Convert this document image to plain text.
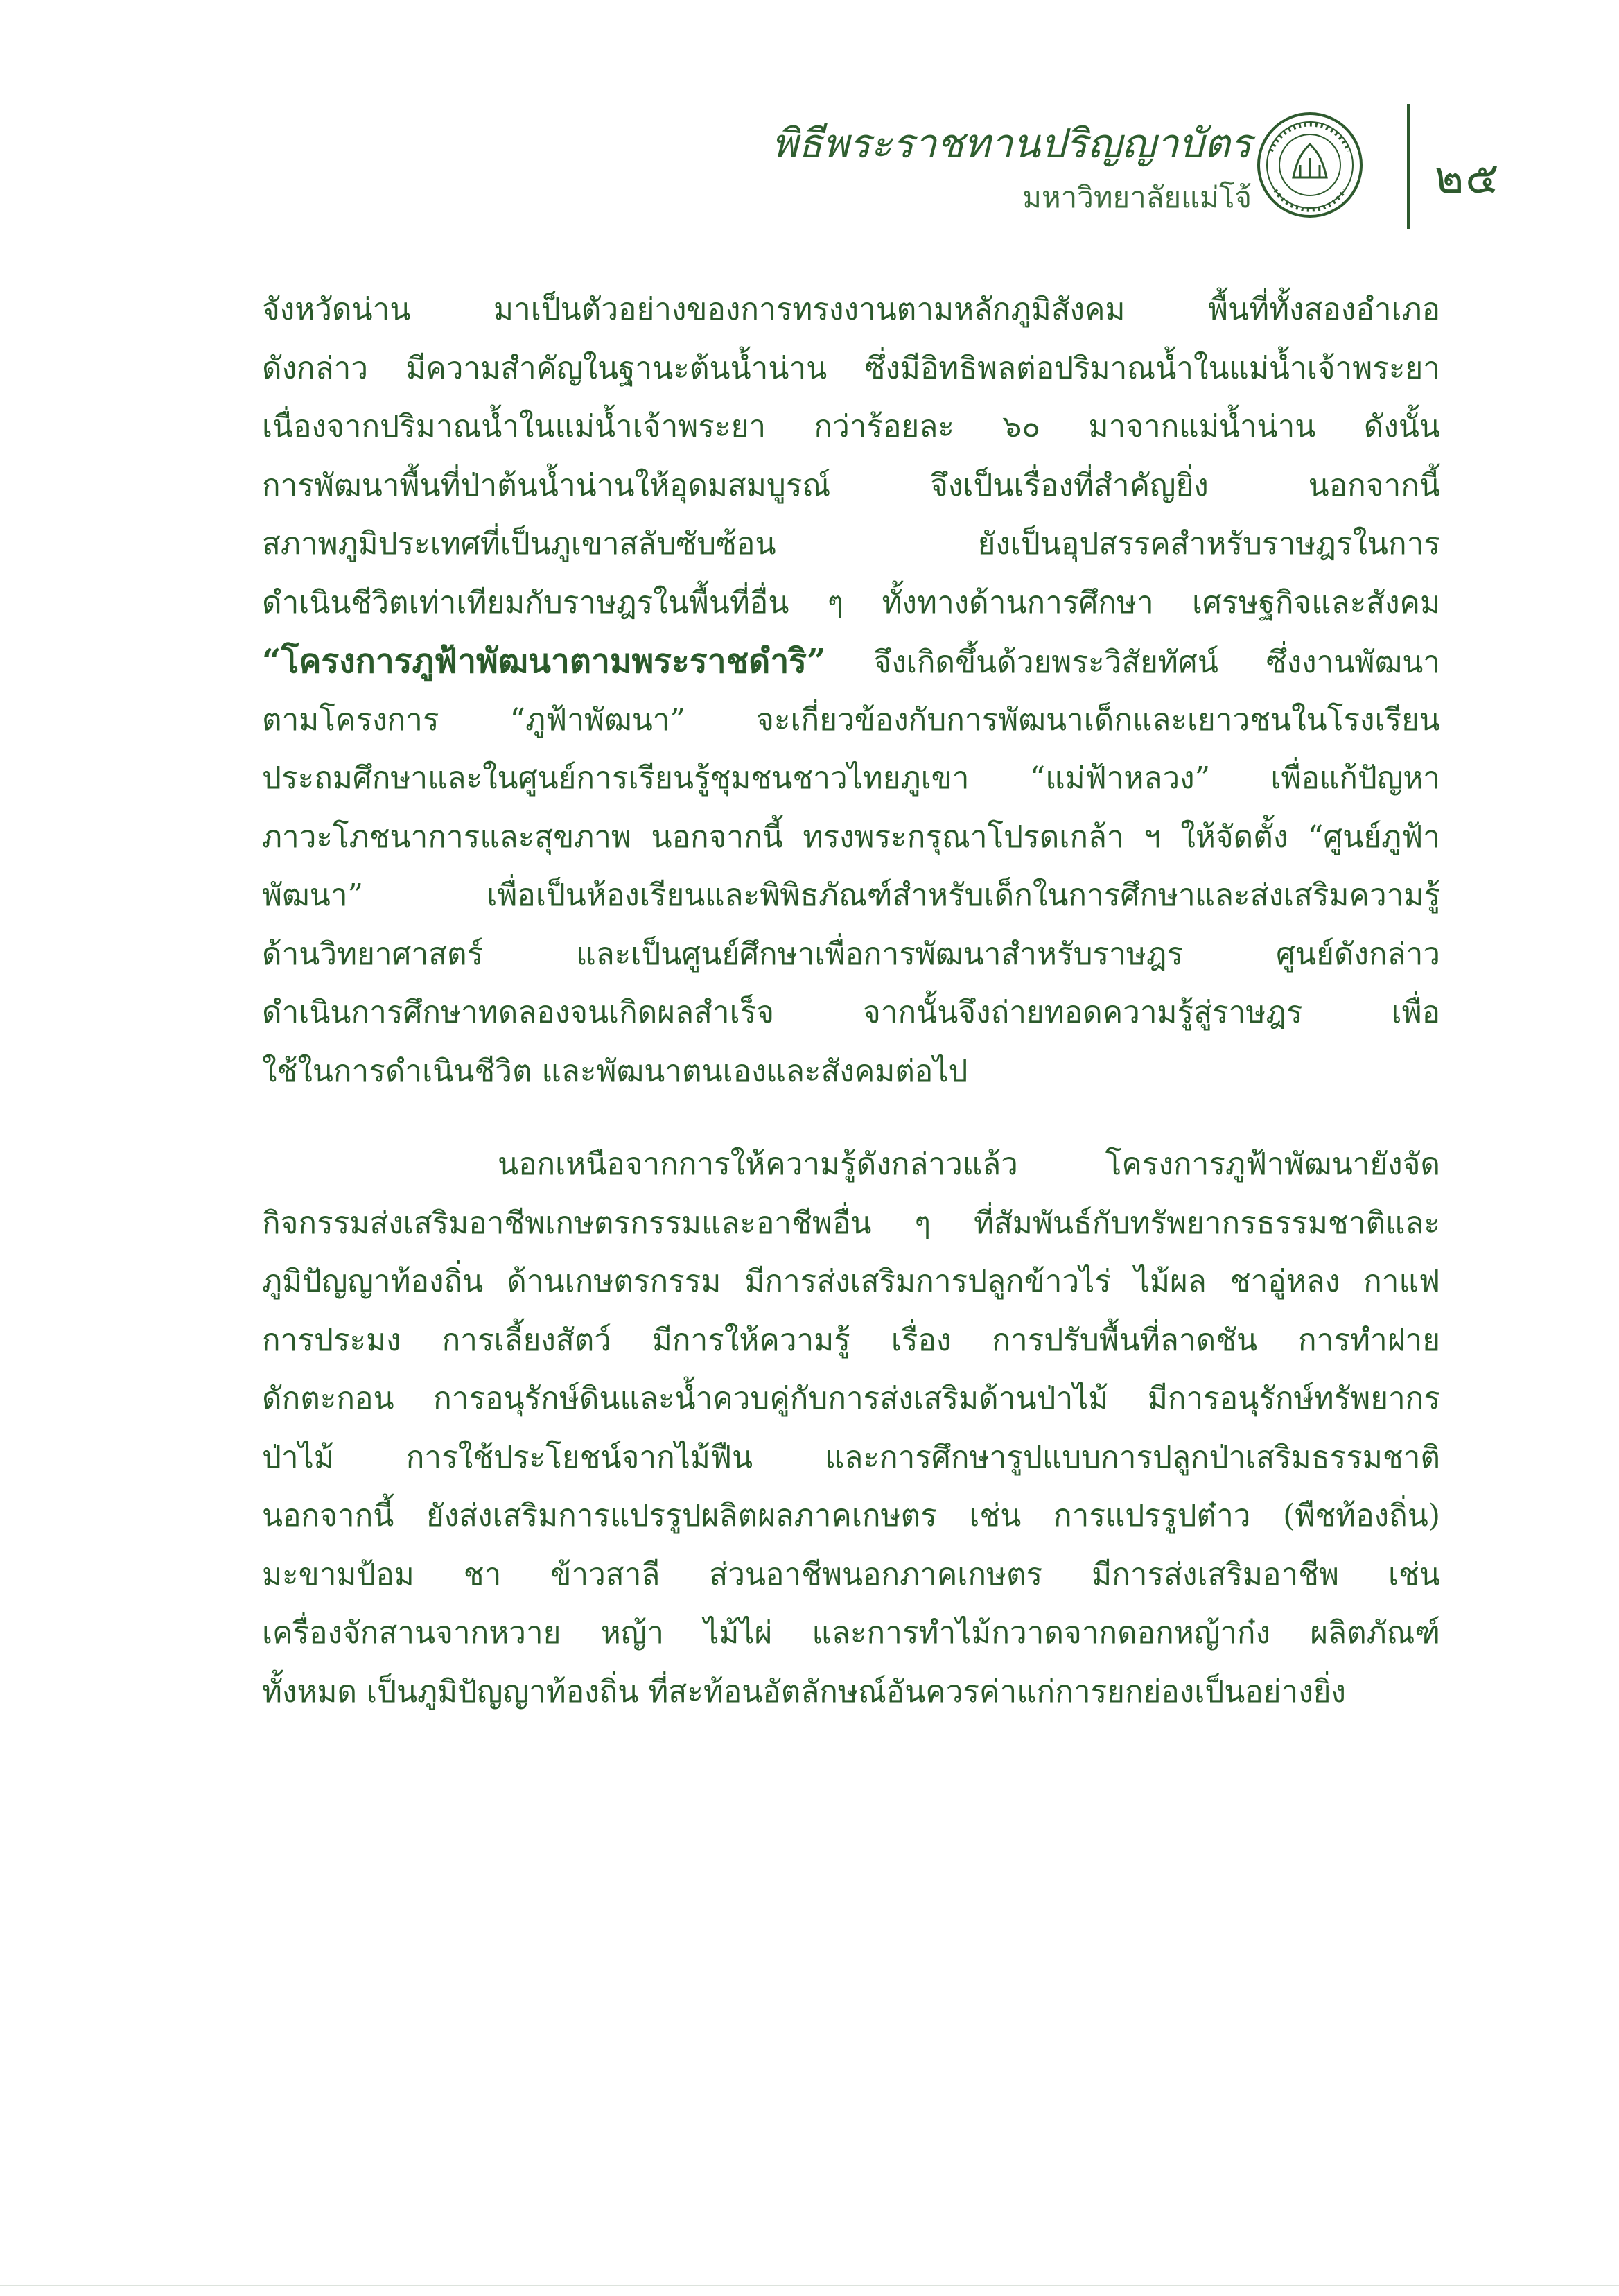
พิธีพระราชทานปริญญาบัตร
มหาวิทยาลัยแม่โจ้	๒๕
จังหวัดน่าน มาเป็นตัวอย่างของการทรงงานตามหลักภูมิสังคม พื้นที่ทั้งสองอำเภอ
ดังกล่าว มีความสำคัญในฐานะต้นน้ำน่าน ซึ่งมีอิทธิพลต่อปริมาณน้ำในแม่น้ำเจ้าพระยา
เนื่องจากปริมาณน้ำในแม่น้ำเจ้าพระยา กว่าร้อยละ ๖๐ มาจากแม่น้ำน่าน ดังนั้น
การพัฒนาพื้นที่ป่าต้นน้ำน่านให้อุดมสมบูรณ์ จึงเป็นเรื่องที่สำคัญยิ่ง นอกจากนี้
สภาพภูมิประเทศที่เป็นภูเขาสลับซับซ้อน ยังเป็นอุปสรรคสำหรับราษฎรในการ
ดำเนินชีวิตเท่าเทียมกับราษฎรในพื้นที่อื่น ๆ ทั้งทางด้านการศึกษา เศรษฐกิจและสังคม
“โครงการภูฟ้าพัฒนาตามพระราชดำริ” จึงเกิดขึ้นด้วยพระวิสัยทัศน์ ซึ่งงานพัฒนา
ตามโครงการ “ภูฟ้าพัฒนา” จะเกี่ยวข้องกับการพัฒนาเด็กและเยาวชนในโรงเรียน
ประถมศึกษาและในศูนย์การเรียนรู้ชุมชนชาวไทยภูเขา “แม่ฟ้าหลวง” เพื่อแก้ปัญหา
ภาวะโภชนาการและสุขภาพ นอกจากนี้ ทรงพระกรุณาโปรดเกล้า ฯ ให้จัดตั้ง “ศูนย์ภูฟ้า
พัฒนา” เพื่อเป็นห้องเรียนและพิพิธภัณฑ์สำหรับเด็กในการศึกษาและส่งเสริมความรู้
ด้านวิทยาศาสตร์ และเป็นศูนย์ศึกษาเพื่อการพัฒนาสำหรับราษฎร ศูนย์ดังกล่าว
ดำเนินการศึกษาทดลองจนเกิดผลสำเร็จ จากนั้นจึงถ่ายทอดความรู้สู่ราษฎร เพื่อ
ใช้ในการดำเนินชีวิต และพัฒนาตนเองและสังคมต่อไป
นอกเหนือจากการให้ความรู้ดังกล่าวแล้ว โครงการภูฟ้าพัฒนายังจัด
กิจกรรมส่งเสริมอาชีพเกษตรกรรมและอาชีพอื่น ๆ ที่สัมพันธ์กับทรัพยากรธรรมชาติและ
ภูมิปัญญาท้องถิ่น ด้านเกษตรกรรม มีการส่งเสริมการปลูกข้าวไร่ ไม้ผล ชาอู่หลง กาแฟ
การประมง การเลี้ยงสัตว์ มีการให้ความรู้ เรื่อง การปรับพื้นที่ลาดชัน การทำฝาย
ดักตะกอน การอนุรักษ์ดินและน้ำควบคู่กับการส่งเสริมด้านป่าไม้ มีการอนุรักษ์ทรัพยากร
ป่าไม้ การใช้ประโยชน์จากไม้ฟืน และการศึกษารูปแบบการปลูกป่าเสริมธรรมชาติ
นอกจากนี้ ยังส่งเสริมการแปรรูปผลิตผลภาคเกษตร เช่น การแปรรูปต๋าว (พืชท้องถิ่น)
มะขามป้อม ชา ข้าวสาลี ส่วนอาชีพนอกภาคเกษตร มีการส่งเสริมอาชีพ เช่น
เครื่องจักสานจากหวาย หญ้า ไม้ไผ่ และการทำไม้กวาดจากดอกหญ้าก๋ง ผลิตภัณฑ์
ทั้งหมด เป็นภูมิปัญญาท้องถิ่น ที่สะท้อนอัตลักษณ์อันควรค่าแก่การยกย่องเป็นอย่างยิ่ง
